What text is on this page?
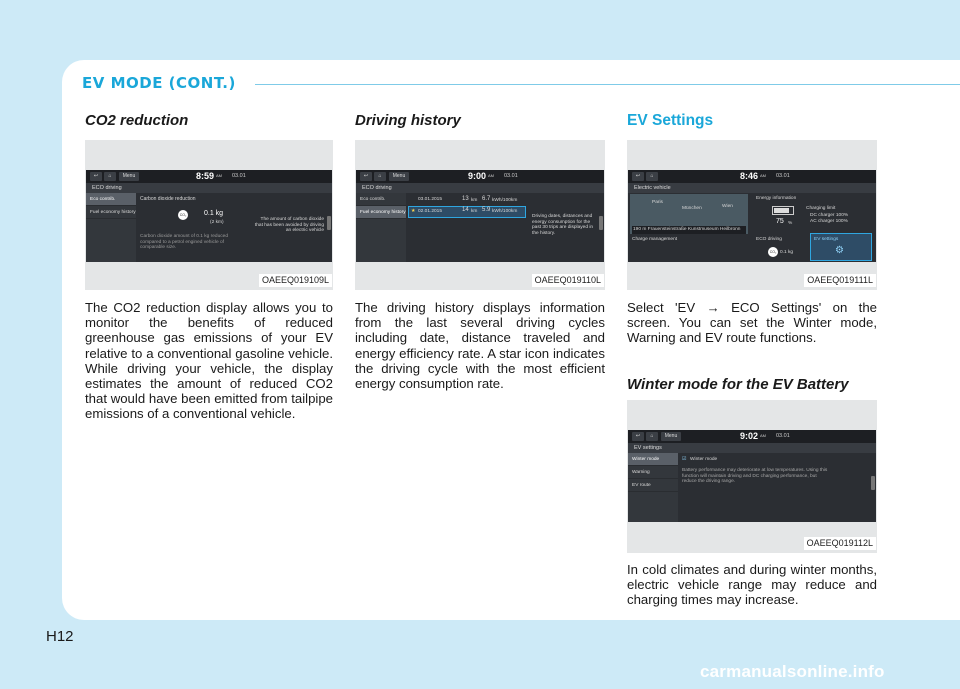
EV MODE (CONT.)
CO2 reduction
↩	⌂	Menu	8:59 AM 03.01
ECO driving
Eco contrib.
Fuel economy history
Carbon dioxide reduction
CO₂	0.1 kg
(2 km)
Carbon dioxide amount of 0.1 kg reduced compared to a petrol engined vehicle of comparable size.
The amount of carbon dioxide that has been avoided by driving an electric vehicle
OAEEQ019109L
The CO2 reduction display allows you to monitor the benefits of reduced greenhouse gas emissions of your EV relative to a conventional gasoline vehicle. While driving your vehicle, the display estimates the amount of reduced CO2 that would have been emitted from tailpipe emissions of a conventional vehicle.
Driving history
↩	⌂	Menu	9:00 AM 03.01
ECO driving
Eco contrib.
Fuel economy history
03.01.2015	13 km 6.7 kWh/100km
★ 02.01.2015	14 km 5.9 kWh/100km
Driving dates, distances and energy consumption for the past 30 trips are displayed in the history.
OAEEQ019110L
The driving history displays information from the last several driving cycles including date, distance traveled and energy efficiency rate. A star icon indicates the driving cycle with the most efficient energy consumption rate.
EV Settings
↩	⌂	8:46 AM 03.01
Electric vehicle
Paris
München	Wien
190 m Frauensteinstraße Kunstmuseum Heilbronn
Energy information
75 %
Charging limit
DC charger 100%
AC charger 100%
Charge management	ECO driving
CO₂ 0.1 kg
EV settings
⚙
OAEEQ019111L
Select 'EV → ECO Settings' on the screen. You can set the Winter mode, Warning and EV route functions.
Winter mode for the EV Battery
↩	⌂	Menu	9:02 AM 03.01
EV settings
Winter mode
Warning
EV route
☑ Winter mode
Battery performance may deteriorate at low temperatures. Using this function will maintain driving and DC charging performance, but reduce the driving range.
OAEEQ019112L
In cold climates and during winter months, electric vehicle range may reduce and charging times may increase.
H12
carmanualsonline.info
